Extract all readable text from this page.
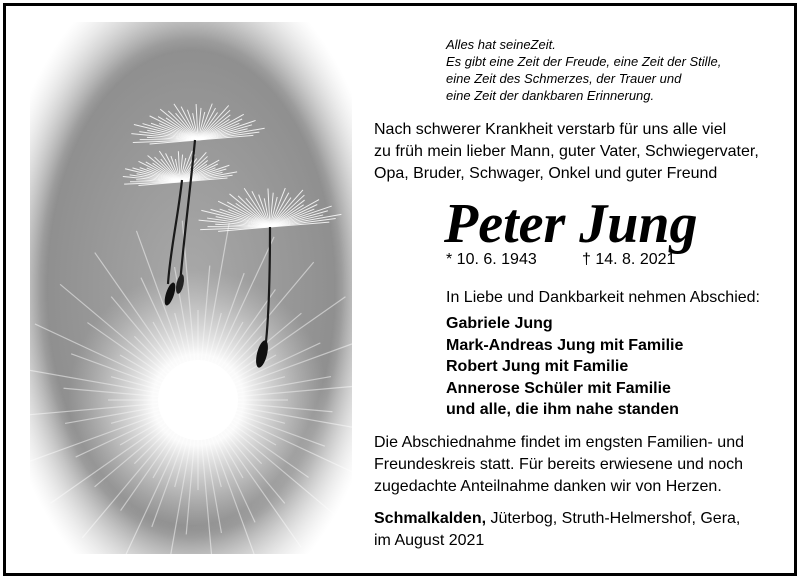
Alles hat seineZeit.
Es gibt eine Zeit der Freude, eine Zeit der Stille,
eine Zeit des Schmerzes, der Trauer und
eine Zeit der dankbaren Erinnerung.
Nach schwerer Krankheit verstarb für uns alle viel
zu früh mein lieber Mann, guter Vater, Schwiegervater,
Opa, Bruder, Schwager, Onkel und guter Freund
Peter Jung
* 10. 6. 1943	† 14. 8. 2021
In Liebe und Dankbarkeit nehmen Abschied:
Gabriele Jung
Mark-Andreas Jung mit Familie
Robert Jung mit Familie
Annerose Schüler mit Familie
und alle, die ihm nahe standen
Die Abschiednahme findet im engsten Familien- und
Freundeskreis statt. Für bereits erwiesene und noch
zugedachte Anteilnahme danken wir von Herzen.
Schmalkalden, Jüterbog, Struth-Helmershof, Gera,
im August 2021
